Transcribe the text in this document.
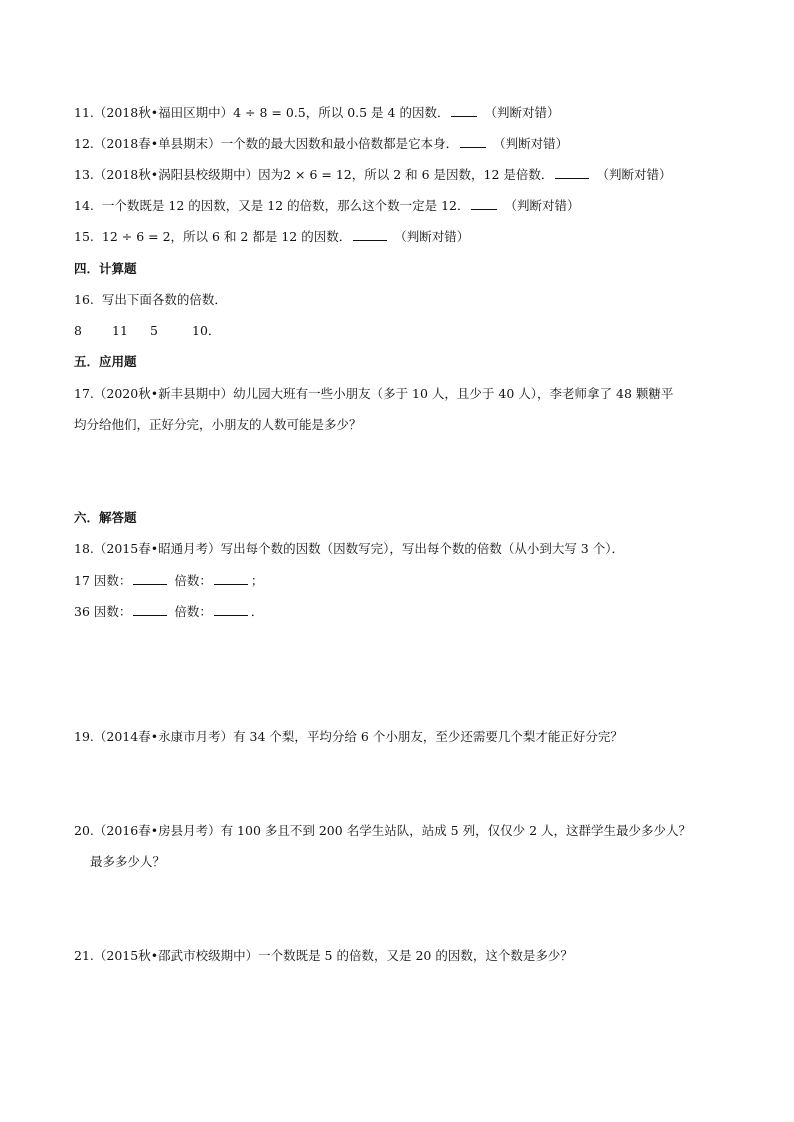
11.（2018秋•福田区期中）4 ÷ 8 = 0.5，所以 0.5 是 4 的因数．	（判断对错）
12.（2018春•单县期末）一个数的最大因数和最小倍数都是它本身．	（判断对错）
13.（2018秋•涡阳县校级期中）因为2 × 6 = 12，所以 2 和 6 是因数，12 是倍数．	（判断对错）
14. 一个数既是 12 的因数，又是 12 的倍数，那么这个数一定是 12．	（判断对错）
15. 12 ÷ 6 = 2，所以 6 和 2 都是 12 的因数．	（判断对错）
四．计算题
16. 写出下面各数的倍数．
8 11 5	10．
五．应用题
17.（2020秋•新丰县期中）幼儿园大班有一些小朋友（多于 10 人，且少于 40 人），李老师拿了 48 颗糖平
均分给他们，正好分完，小朋友的人数可能是多少？
六．解答题
18.（2015春•昭通月考）写出每个数的因数（因数写完），写出每个数的倍数（从小到大写 3 个）．
17 因数：	倍数：	；
36 因数：	倍数：	．
19.（2014春•永康市月考）有 34 个梨，平均分给 6 个小朋友，至少还需要几个梨才能正好分完？
20.（2016春•房县月考）有 100 多且不到 200 名学生站队，站成 5 列，仅仅少 2 人，这群学生最少多少人？
最多多少人？
21.（2015秋•邵武市校级期中）一个数既是 5 的倍数，又是 20 的因数，这个数是多少？
